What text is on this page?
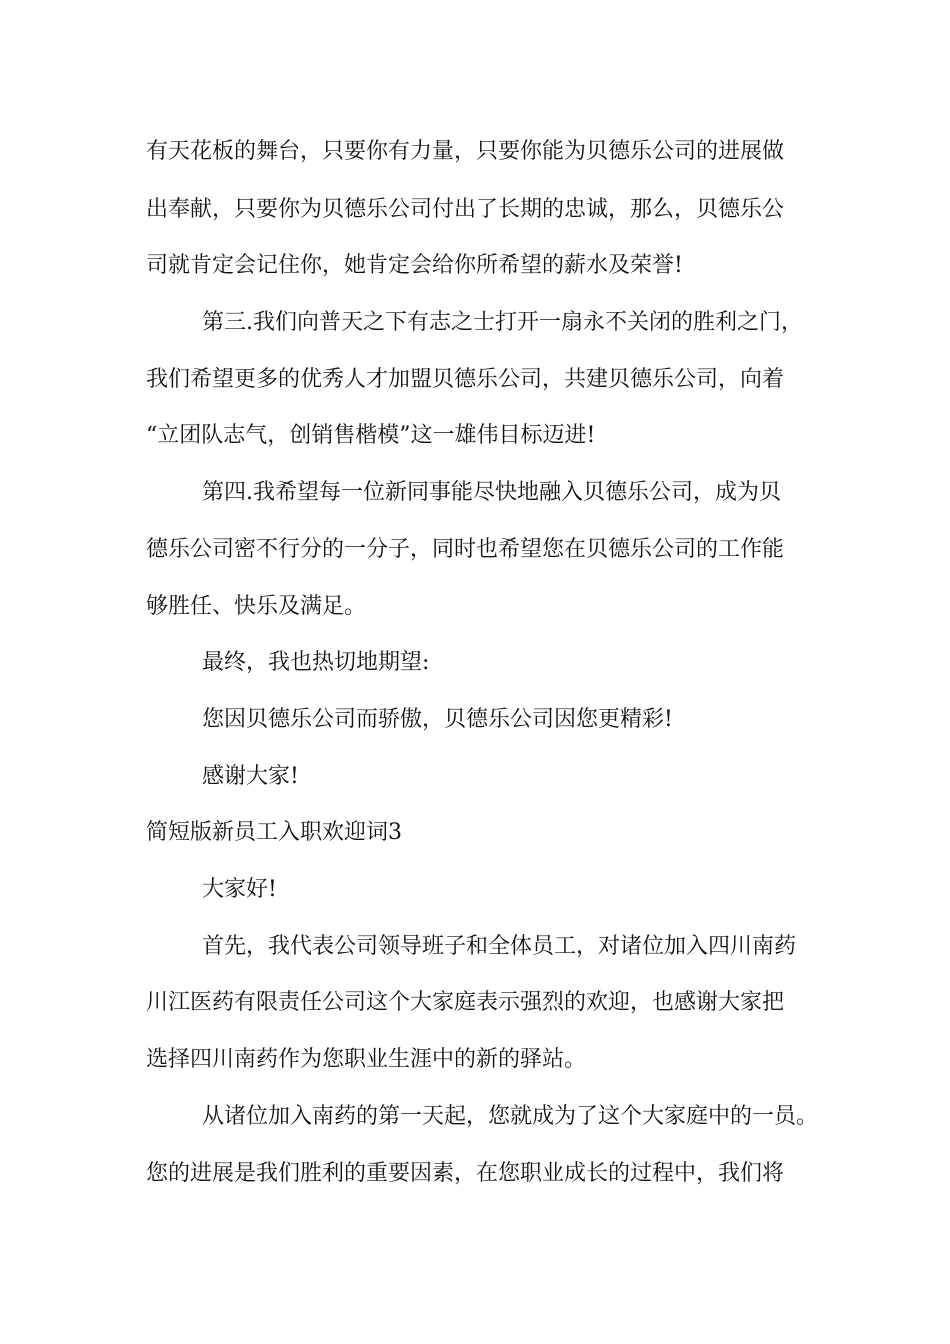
有天花板的舞台，只要你有力量，只要你能为贝德乐公司的进展做
出奉献，只要你为贝德乐公司付出了长期的忠诚，那么，贝德乐公
司就肯定会记住你，她肯定会给你所希望的薪水及荣誉!
第三.我们向普天之下有志之士打开一扇永不关闭的胜利之门，
我们希望更多的优秀人才加盟贝德乐公司，共建贝德乐公司，向着
“立团队志气，创销售楷模”这一雄伟目标迈进!
第四.我希望每一位新同事能尽快地融入贝德乐公司，成为贝
德乐公司密不行分的一分子，同时也希望您在贝德乐公司的工作能
够胜任、快乐及满足。
最终，我也热切地期望:
您因贝德乐公司而骄傲，贝德乐公司因您更精彩!
感谢大家!
简短版新员工入职欢迎词3
大家好!
首先，我代表公司领导班子和全体员工，对诸位加入四川南药
川江医药有限责任公司这个大家庭表示强烈的欢迎，也感谢大家把
选择四川南药作为您职业生涯中的新的驿站。
从诸位加入南药的第一天起，您就成为了这个大家庭中的一员。
您的进展是我们胜利的重要因素，在您职业成长的过程中，我们将
